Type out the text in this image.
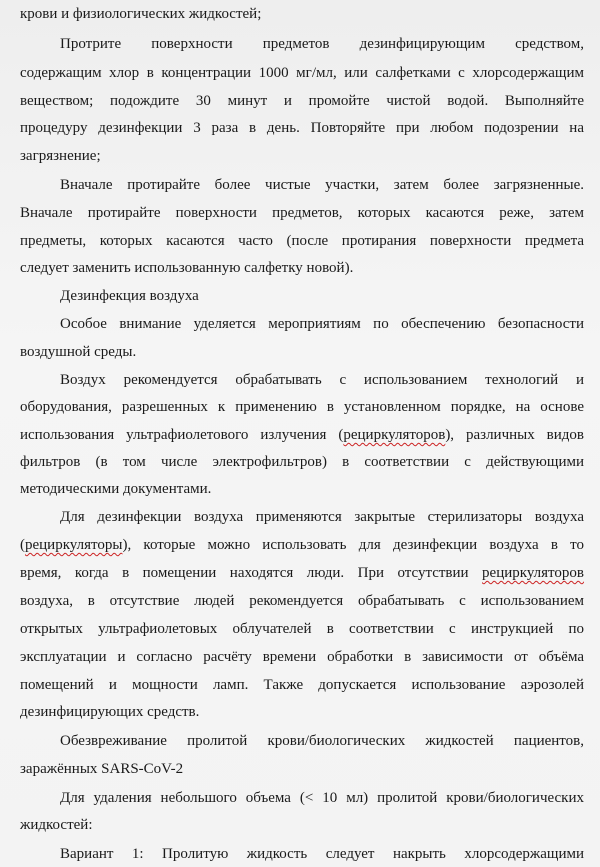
крови и физиологических жидкостей;
Протрите поверхности предметов дезинфицирующим средством,
содержащим хлор в концентрации 1000 мг/мл, или салфетками с хлорсодержащим
веществом; подождите 30 минут и промойте чистой водой. Выполняйте
процедуру дезинфекции 3 раза в день. Повторяйте при любом подозрении на
загрязнение;
Вначале протирайте более чистые участки, затем более загрязненные.
Вначале протирайте поверхности предметов, которых касаются реже, затем
предметы, которых касаются часто (после протирания поверхности предмета
следует заменить использованную салфетку новой).
Дезинфекция воздуха
Особое внимание уделяется мероприятиям по обеспечению безопасности
воздушной среды.
Воздух рекомендуется обрабатывать с использованием технологий и
оборудования, разрешенных к применению в установленном порядке, на основе
использования ультрафиолетового излучения (рециркуляторов), различных видов
фильтров (в том числе электрофильтров) в соответствии с действующими
методическими документами.
Для дезинфекции воздуха применяются закрытые стерилизаторы воздуха
(рециркуляторы), которые можно использовать для дезинфекции воздуха в то
время, когда в помещении находятся люди. При отсутствии рециркуляторов
воздуха, в отсутствие людей рекомендуется обрабатывать с использованием
открытых ультрафиолетовых облучателей в соответствии с инструкцией по
эксплуатации и согласно расчёту времени обработки в зависимости от объёма
помещений и мощности ламп. Также допускается использование аэрозолей
дезинфицирующих средств.
Обезвреживание пролитой крови/биологических жидкостей пациентов,
заражённых SARS-CoV-2
Для удаления небольшого объема (< 10 мл) пролитой крови/биологических
жидкостей:
Вариант 1: Пролитую жидкость следует накрыть хлорсодержащими
